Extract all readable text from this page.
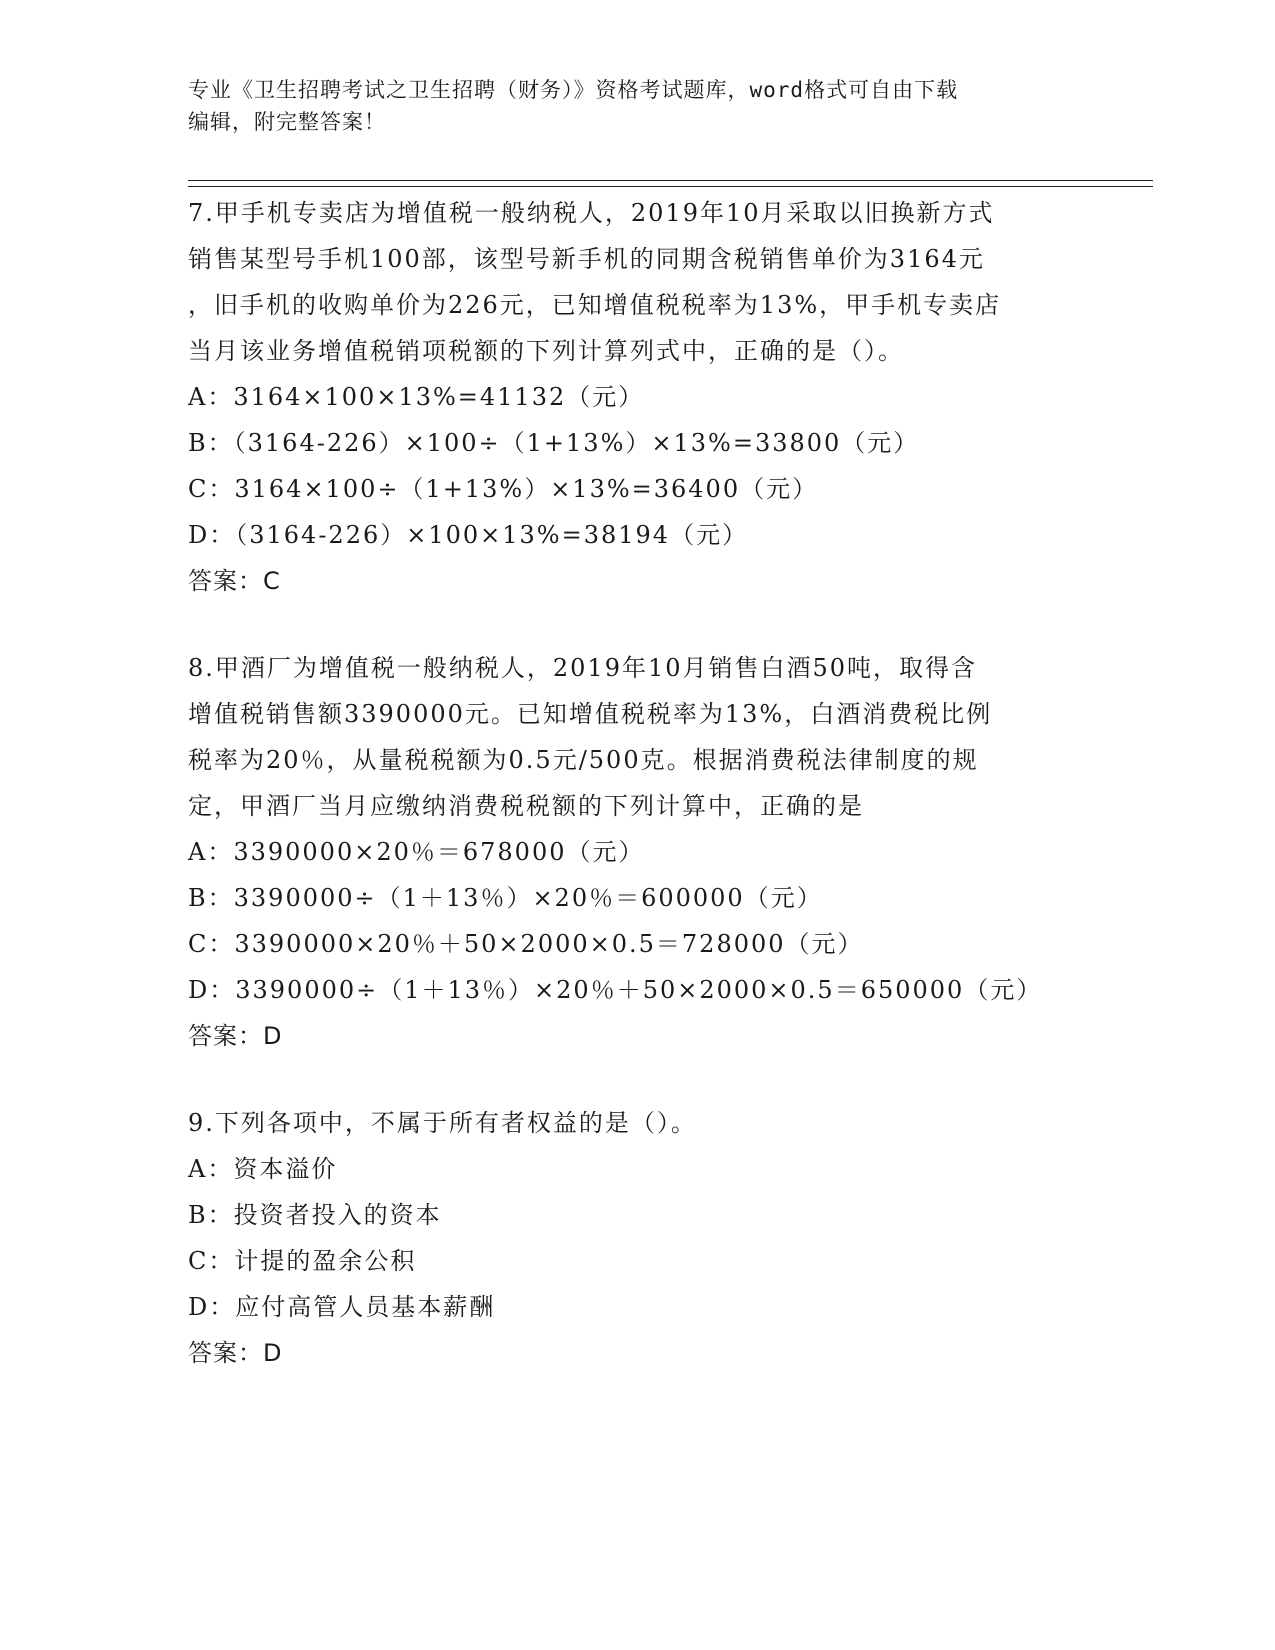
专业《卫生招聘考试之卫生招聘（财务）》资格考试题库，word格式可自由下载
编辑，附完整答案！
7.甲手机专卖店为增值税一般纳税人，2019年10月采取以旧换新方式
销售某型号手机100部，该型号新手机的同期含税销售单价为3164元
，旧手机的收购单价为226元，已知增值税税率为13%，甲手机专卖店
当月该业务增值税销项税额的下列计算列式中，正确的是（）。
A：3164×100×13%=41132（元）
B：（3164-226）×100÷（1+13%）×13%=33800（元）
C：3164×100÷（1+13%）×13%=36400（元）
D：（3164-226）×100×13%=38194（元）
答案：C
8.甲酒厂为增值税一般纳税人，2019年10月销售白酒50吨，取得含
增值税销售额3390000元。已知增值税税率为13%，白酒消费税比例
税率为20％，从量税税额为0.5元/500克。根据消费税法律制度的规
定，甲酒厂当月应缴纳消费税税额的下列计算中，正确的是
A：3390000×20％＝678000（元）
B：3390000÷（1＋13％）×20％＝600000（元）
C：3390000×20％＋50×2000×0.5＝728000（元）
D：3390000÷（1＋13％）×20％＋50×2000×0.5＝650000（元）
答案：D
9.下列各项中，不属于所有者权益的是（）。
A：资本溢价
B：投资者投入的资本
C：计提的盈余公积
D：应付高管人员基本薪酬
答案：D
